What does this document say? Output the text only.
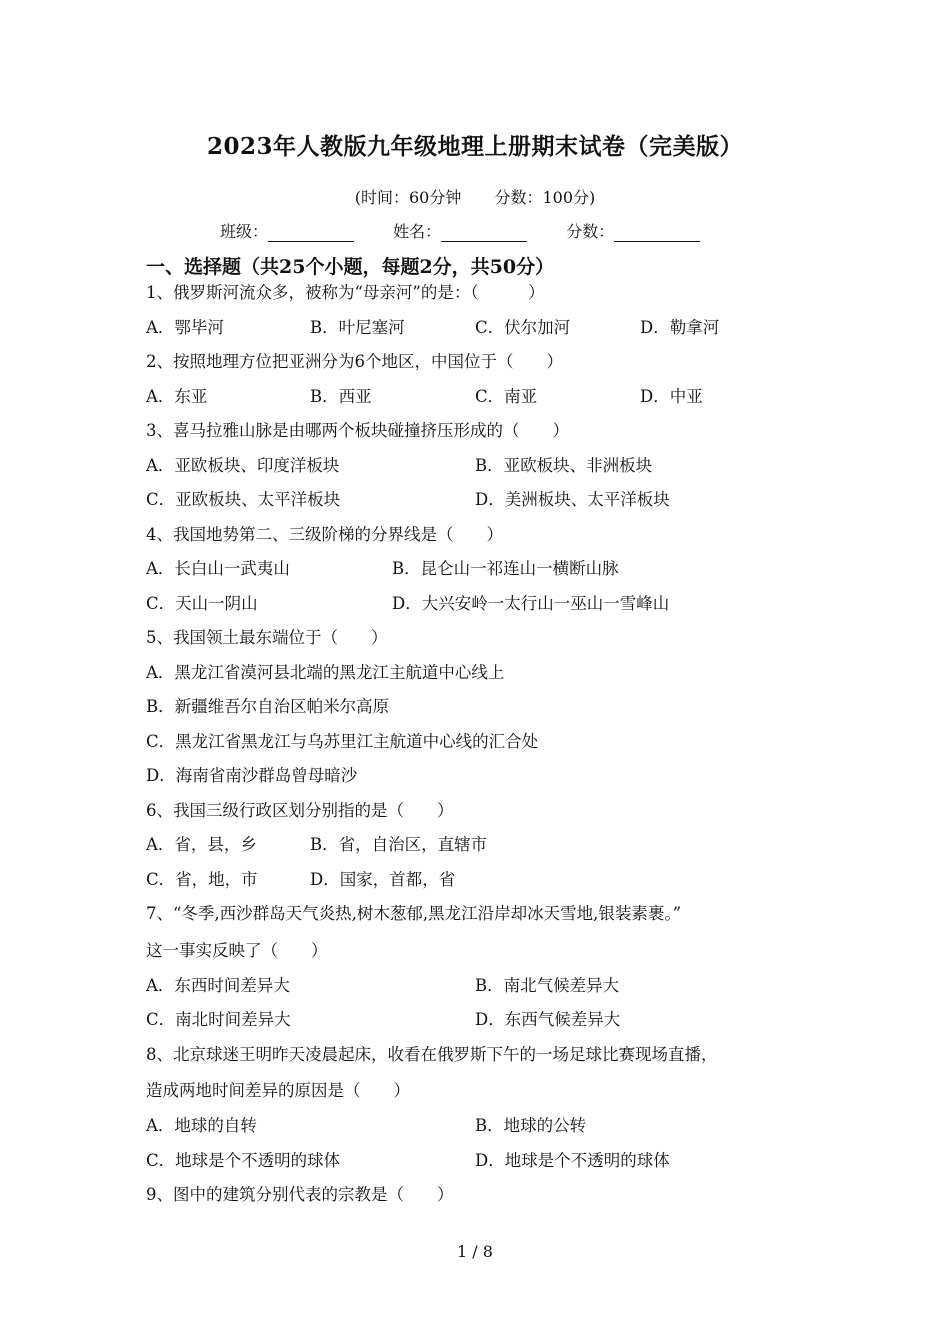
2023年人教版九年级地理上册期末试卷（完美版）
(时间：60分钟 分数：100分)
班级：	姓名：	分数：
一、选择题（共25个小题，每题2分，共50分）
1、俄罗斯河流众多，被称为“母亲河”的是：（　　　）
A．鄂毕河	B．叶尼塞河	C．伏尔加河	D．勒拿河
2、按照地理方位把亚洲分为6个地区，中国位于（　　）
A．东亚	B．西亚	C．南亚	D．中亚
3、喜马拉雅山脉是由哪两个板块碰撞挤压形成的（　　）
A．亚欧板块、印度洋板块	B．亚欧板块、非洲板块
C．亚欧板块、太平洋板块	D．美洲板块、太平洋板块
4、我国地势第二、三级阶梯的分界线是（　　）
A．长白山一武夷山	B．昆仑山一祁连山一横断山脉
C．天山一阴山	D．大兴安岭一太行山一巫山一雪峰山
5、我国领土最东端位于（　　）
A．黑龙江省漠河县北端的黑龙江主航道中心线上
B．新疆维吾尔自治区帕米尔高原
C．黑龙江省黑龙江与乌苏里江主航道中心线的汇合处
D．海南省南沙群岛曾母暗沙
6、我国三级行政区划分别指的是（　　）
A．省，县，乡	B．省，自治区，直辖市
C．省，地，市	D．国家，首都，省
7、“冬季,西沙群岛天气炎热,树木葱郁,黑龙江沿岸却冰天雪地,银装素裹。”
这一事实反映了（　　）
A．东西时间差异大	B．南北气候差异大
C．南北时间差异大	D．东西气候差异大
8、北京球迷王明昨天凌晨起床，收看在俄罗斯下午的一场足球比赛现场直播，
造成两地时间差异的原因是（　　）
A．地球的自转	B．地球的公转
C．地球是个不透明的球体	D．地球是个不透明的球体
9、图中的建筑分别代表的宗教是（　　）
1 / 8
